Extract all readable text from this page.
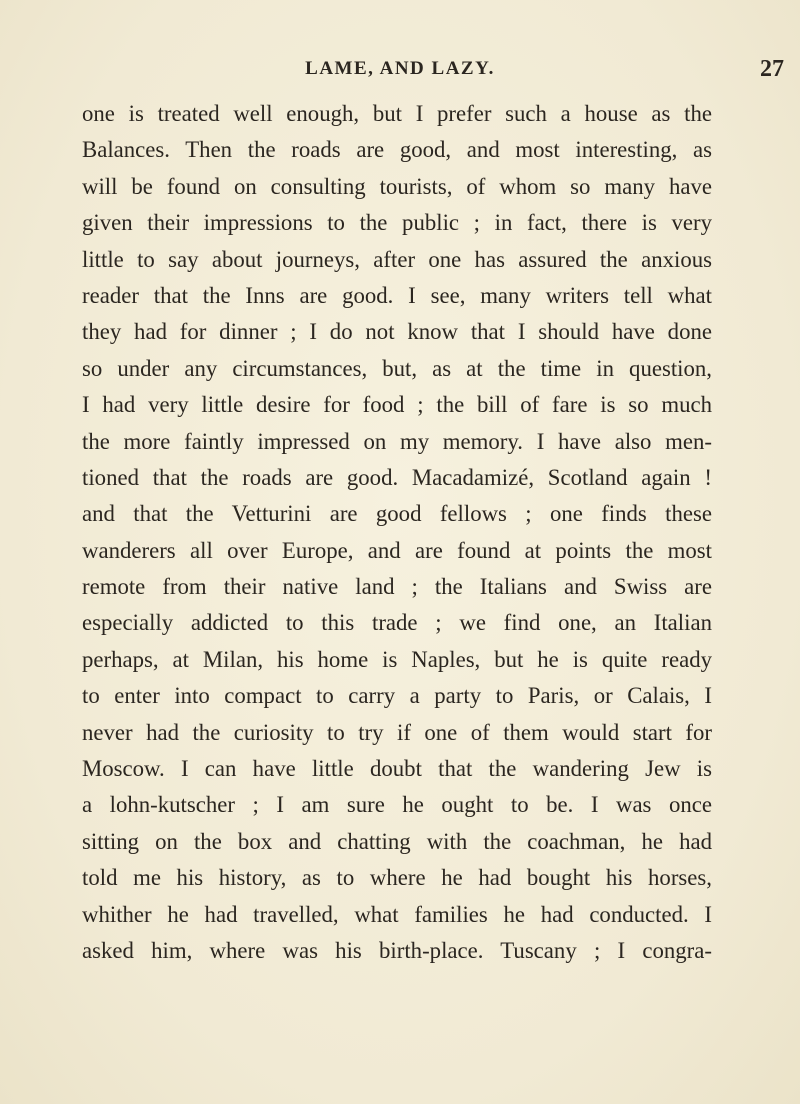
LAME, AND LAZY.	27
one is treated well enough, but I prefer such a house as the
Balances. Then the roads are good, and most interesting, as
will be found on consulting tourists, of whom so many have
given their impressions to the public ; in fact, there is very
little to say about journeys, after one has assured the anxious
reader that the Inns are good. I see, many writers tell what
they had for dinner ; I do not know that I should have done
so under any circumstances, but, as at the time in question,
I had very little desire for food ; the bill of fare is so much
the more faintly impressed on my memory. I have also men-
tioned that the roads are good. Macadamizé, Scotland again !
and that the Vetturini are good fellows ; one finds these
wanderers all over Europe, and are found at points the most
remote from their native land ; the Italians and Swiss are
especially addicted to this trade ; we find one, an Italian
perhaps, at Milan, his home is Naples, but he is quite ready
to enter into compact to carry a party to Paris, or Calais, I
never had the curiosity to try if one of them would start for
Moscow. I can have little doubt that the wandering Jew is
a lohn-kutscher ; I am sure he ought to be. I was once
sitting on the box and chatting with the coachman, he had
told me his history, as to where he had bought his horses,
whither he had travelled, what families he had conducted. I
asked him, where was his birth-place. Tuscany ; I congra-
